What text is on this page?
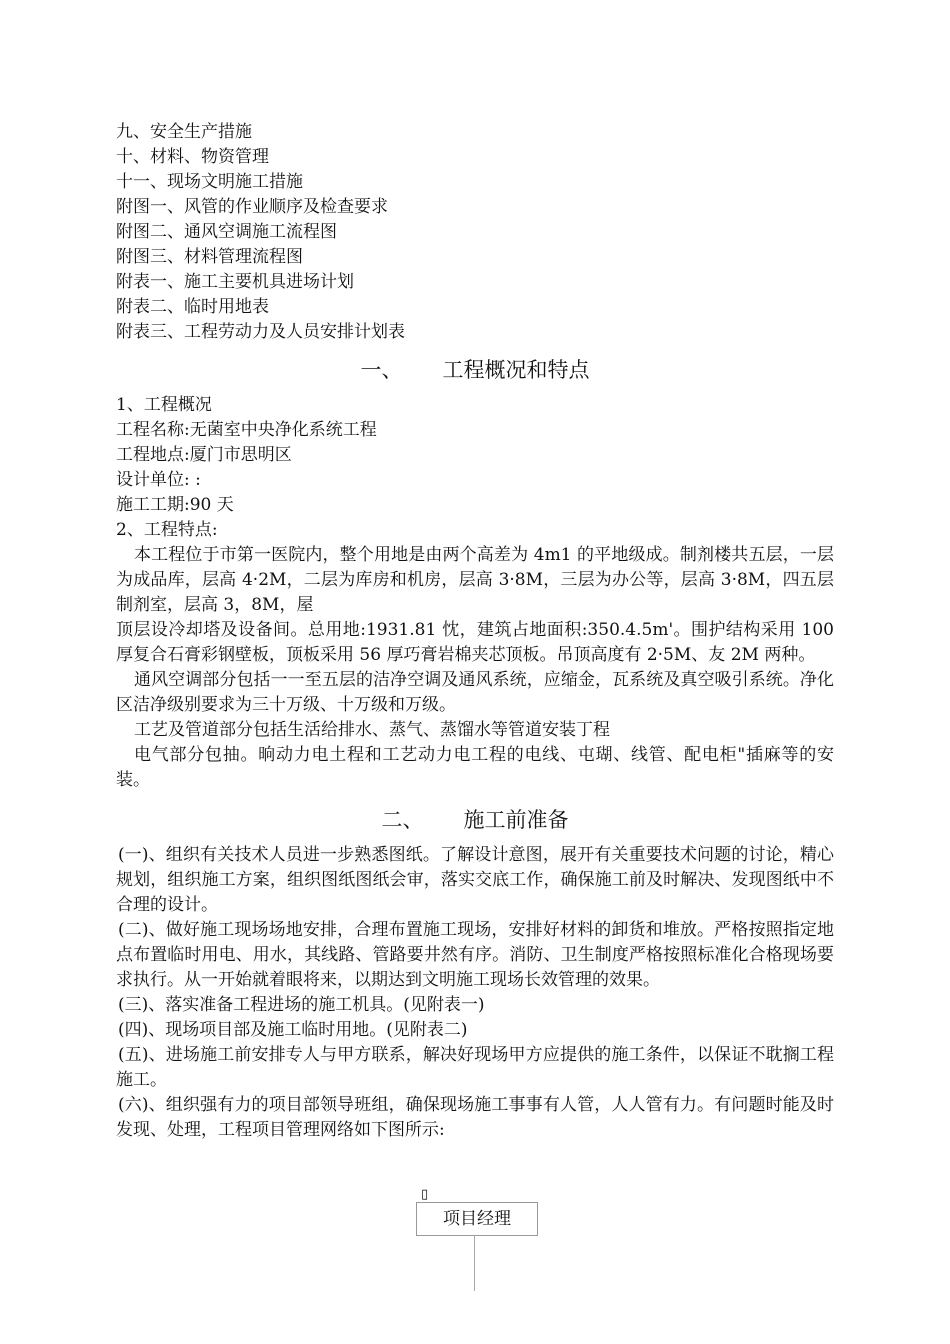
九、安全生产措施
十、材料、物资管理
十一、现场文明施工措施
附图一、风管的作业顺序及检查要求
附图二、通风空调施工流程图
附图三、材料管理流程图
附表一、施工主要机具进场计划
附表二、临时用地表
附表三、工程劳动力及人员安排计划表
一、 工程概况和特点
1、工程概况
工程名称:无菌室中央净化系统工程
工程地点:厦门市思明区
设计单位: :
施工工期:90 天
2、工程特点:
本工程位于市第一医院内，整个用地是由两个高差为 4m1 的平地级成。制剂楼共五层，一层为成品库，层高 4·2M，二层为库房和机房，层高 3·8M，三层为办公等，层高 3·8M，四五层制剂室，层高 3，8M，屋
顶层设冷却塔及设备间。总用地:1931.81 忱，建筑占地面积:350.4.5m'。围护结构采用 100 厚复合石膏彩钢壁板，顶板采用 56 厚巧膏岩棉夹芯顶板。吊顶高度有 2·5M、友 2M 两种。
通风空调部分包括一一至五层的洁净空调及通风系统，应缩金，瓦系统及真空吸引系统。净化区洁净级别要求为三十万级、十万级和万级。
工艺及管道部分包括生活给排水、蒸气、蒸馏水等管道安装丁程
电气部分包抽。晌动力电土程和工艺动力电工程的电线、屯瑚、线管、配电柜"插麻等的安装。
二、 施工前准备
(一)、组织有关技术人员进一步熟悉图纸。了解设计意图，展开有关重要技术问题的讨论，精心规划，组织施工方案，组织图纸图纸会审，落实交底工作，确保施工前及时解决、发现图纸中不合理的设计。
(二)、做好施工现场场地安排，合理布置施工现场，安排好材料的卸货和堆放。严格按照指定地点布置临时用电、用水，其线路、管路要井然有序。消防、卫生制度严格按照标准化合格现场要求执行。从一开始就着眼将来，以期达到文明施工现场长效管理的效果。
(三)、落实准备工程进场的施工机具。(见附表一)
(四)、现场项目部及施工临时用地。(见附表二)
(五)、进场施工前安排专人与甲方联系，解决好现场甲方应提供的施工条件，以保证不耽搁工程施工。
(六)、组织强有力的项目部领导班组，确保现场施工事事有人管，人人管有力。有问题时能及时发现、处理，工程项目管理网络如下图所示:
▯
项目经理
